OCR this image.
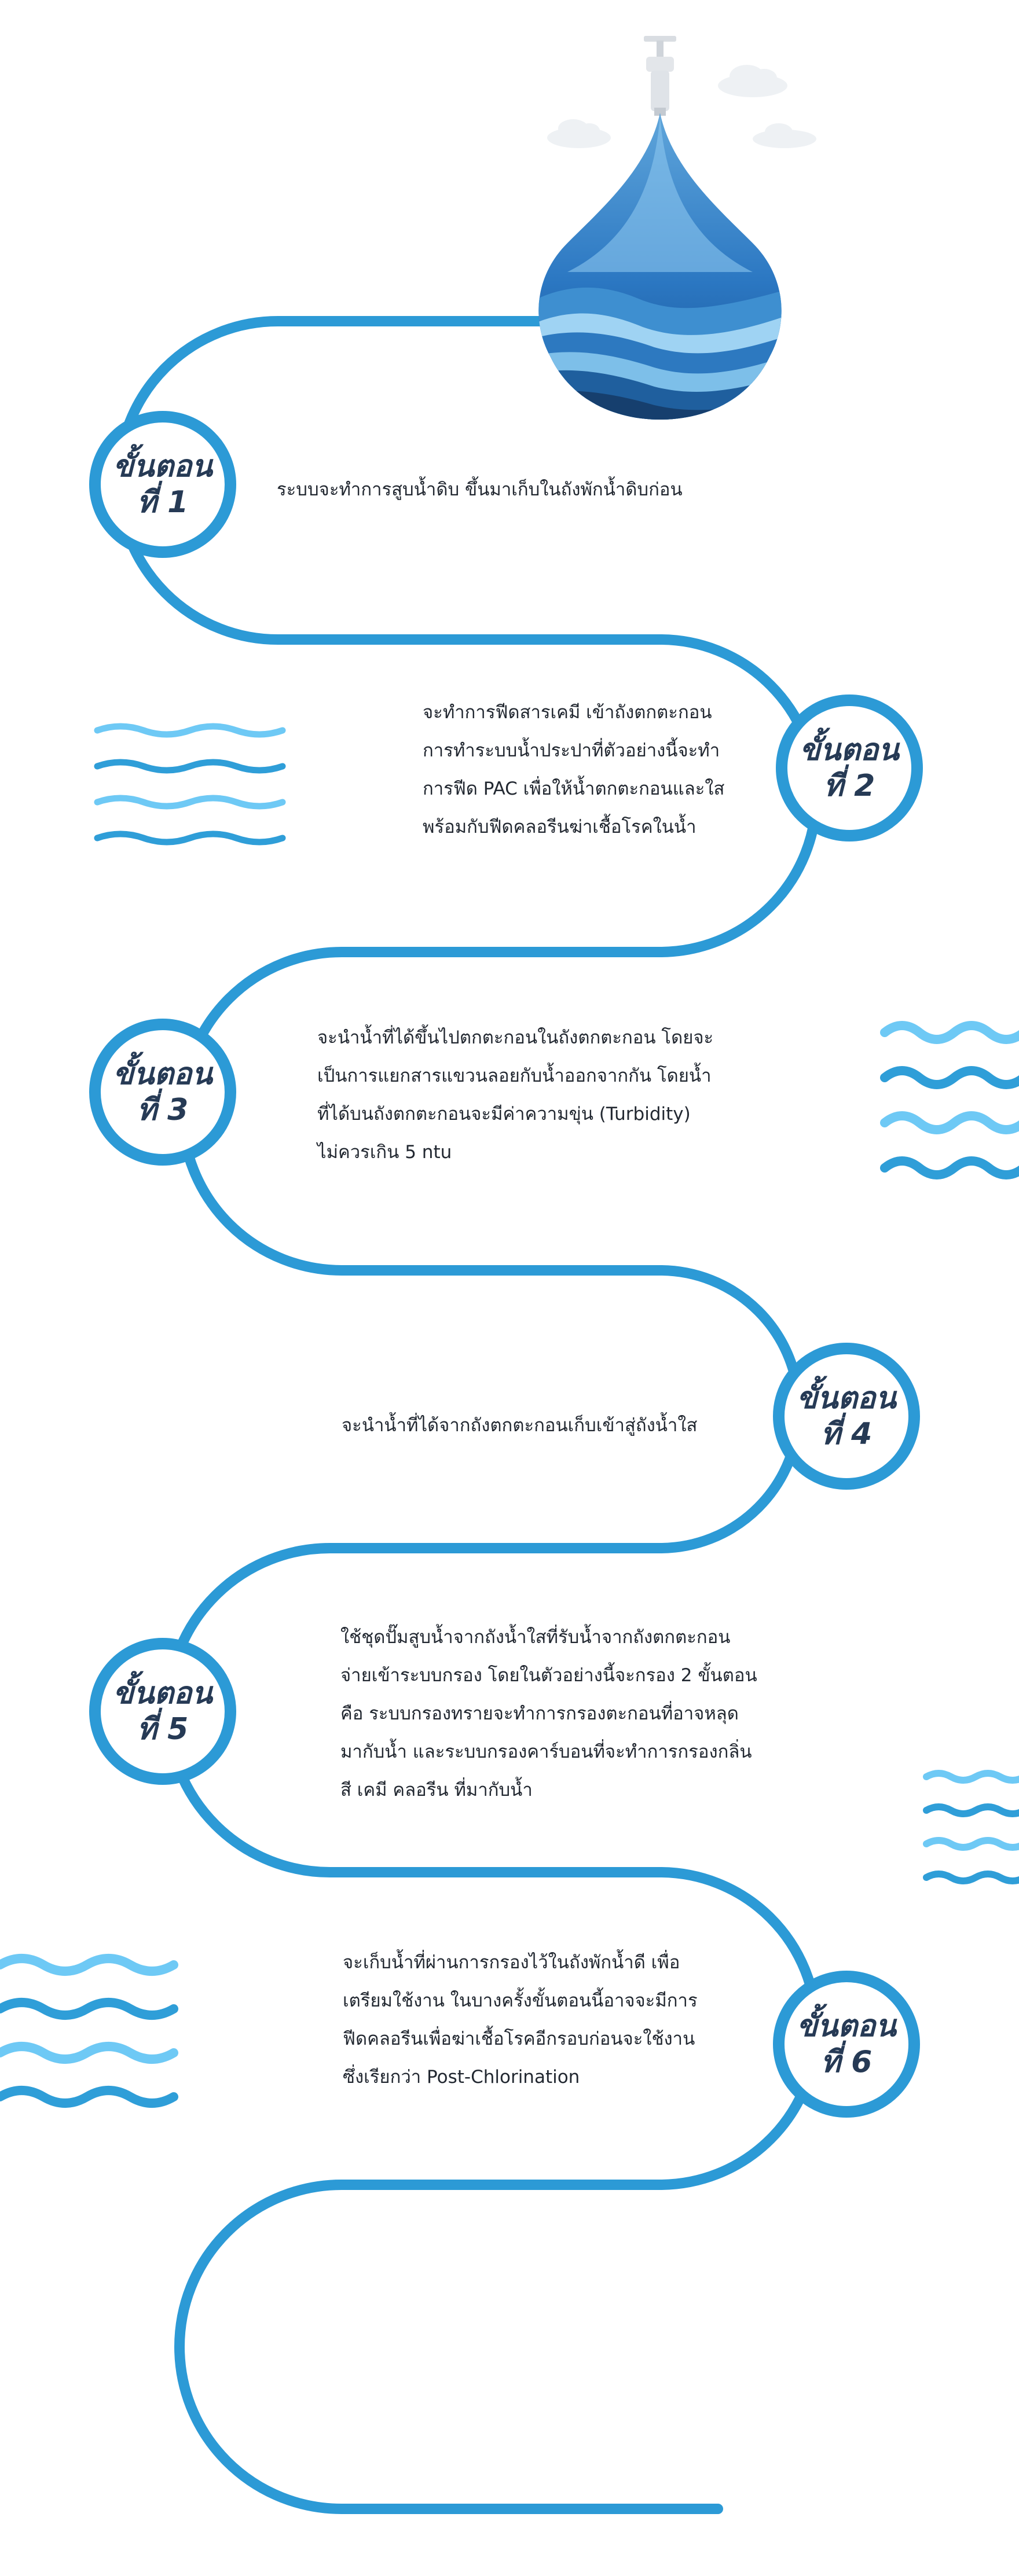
ขั้นตอน
ที่ 1
ขั้นตอน
ที่ 2
ขั้นตอน
ที่ 3
ขั้นตอน
ที่ 4
ขั้นตอน
ที่ 5
ขั้นตอน
ที่ 6
ระบบจะทำการสูบน้ำดิบ ขึ้นมาเก็บในถังพักน้ำดิบก่อน
จะทำการฟีดสารเคมี เข้าถังตกตะกอน
การทำระบบน้ำประปาที่ตัวอย่างนี้จะทำ
การฟีด PAC เพื่อให้น้ำตกตะกอนและใส
พร้อมกับฟีดคลอรีนฆ่าเชื้อโรคในน้ำ
จะนำน้ำที่ได้ขึ้นไปตกตะกอนในถังตกตะกอน โดยจะ
เป็นการแยกสารแขวนลอยกับน้ำออกจากกัน โดยน้ำ
ที่ได้บนถังตกตะกอนจะมีค่าความขุ่น (Turbidity)
ไม่ควรเกิน 5 ntu
จะนำน้ำที่ได้จากถังตกตะกอนเก็บเข้าสู่ถังน้ำใส
ใช้ชุดปั๊มสูบน้ำจากถังน้ำใสที่รับน้ำจากถังตกตะกอน
จ่ายเข้าระบบกรอง โดยในตัวอย่างนี้จะกรอง 2 ขั้นตอน
คือ ระบบกรองทรายจะทำการกรองตะกอนที่อาจหลุด
มากับน้ำ และระบบกรองคาร์บอนที่จะทำการกรองกลิ่น
สี เคมี คลอรีน ที่มากับน้ำ
จะเก็บน้ำที่ผ่านการกรองไว้ในถังพักน้ำดี เพื่อ
เตรียมใช้งาน ในบางครั้งขั้นตอนนี้อาจจะมีการ
ฟีดคลอรีนเพื่อฆ่าเชื้อโรคอีกรอบก่อนจะใช้งาน
ซึ่งเรียกว่า Post-Chlorination
